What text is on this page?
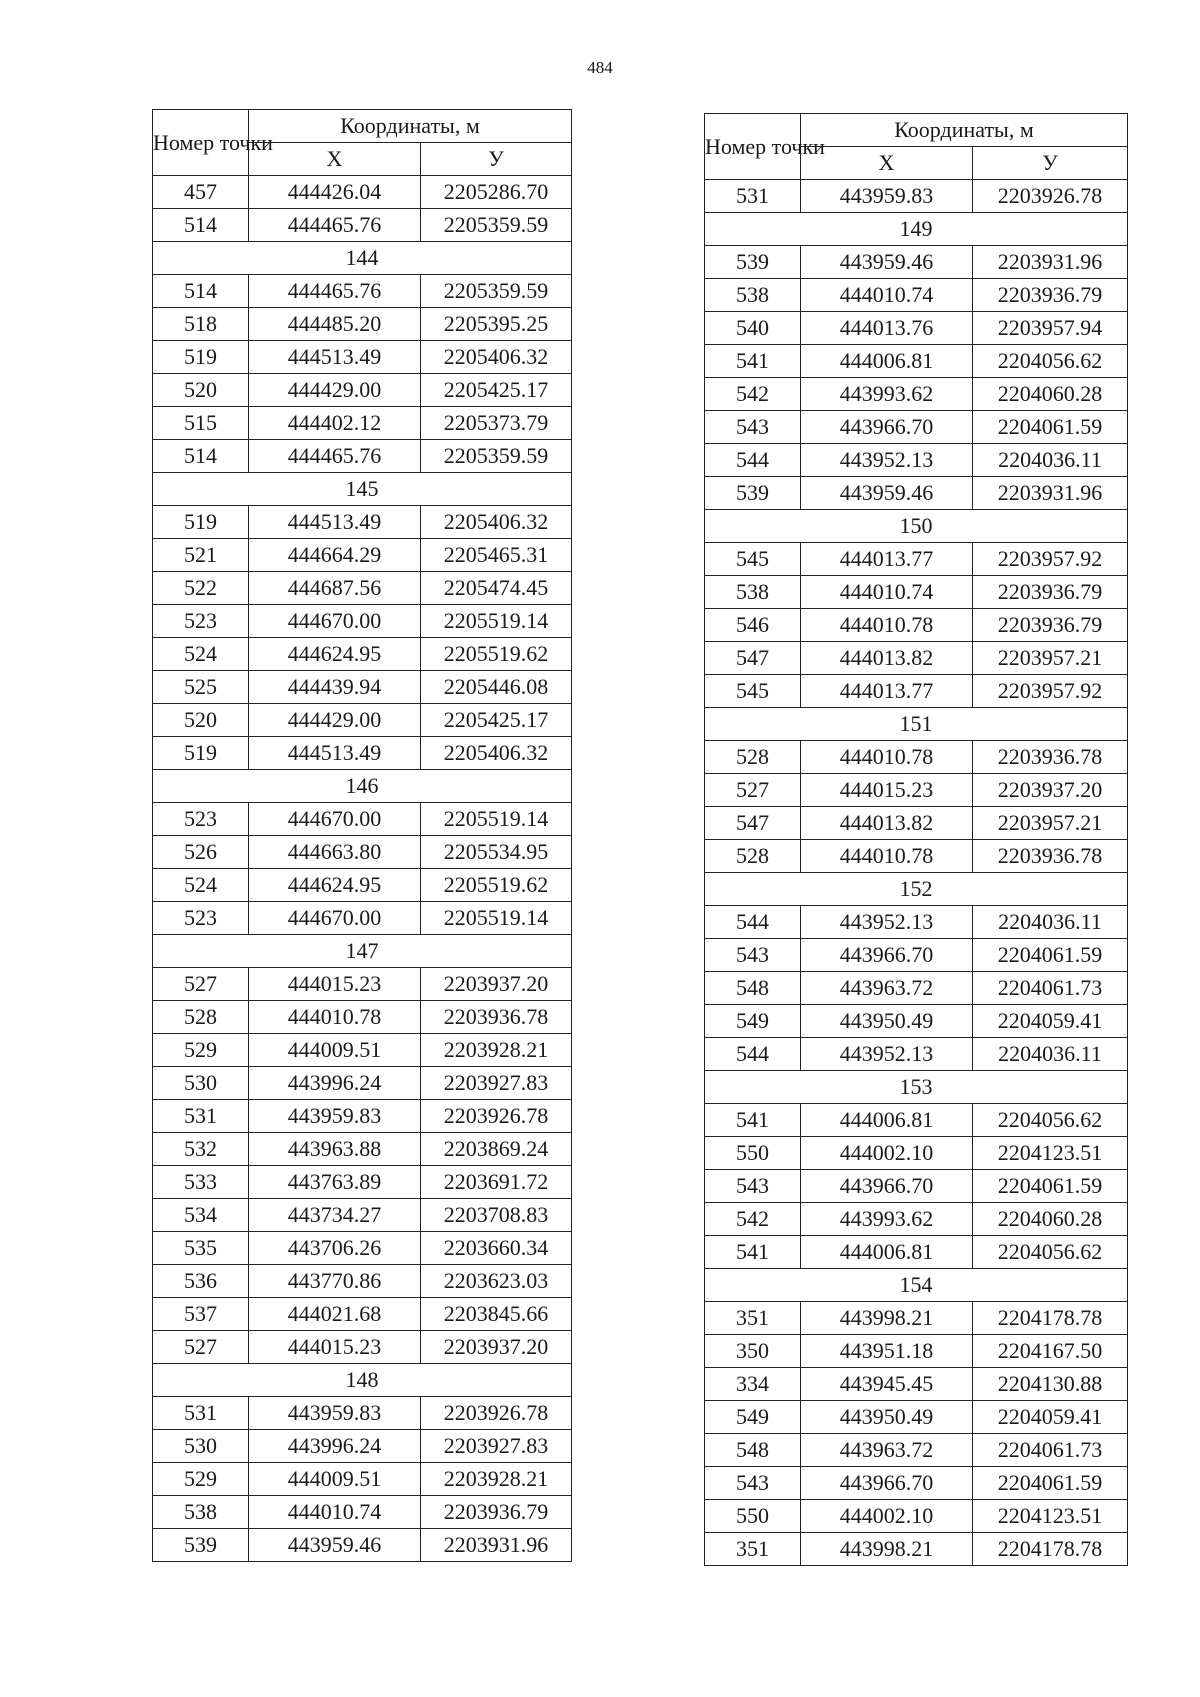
484
Номер точки	Координаты, м	
	Х	У
457	444426.04	2205286.70
514	444465.76	2205359.59
144		
514	444465.76	2205359.59
518	444485.20	2205395.25
519	444513.49	2205406.32
520	444429.00	2205425.17
515	444402.12	2205373.79
514	444465.76	2205359.59
145		
519	444513.49	2205406.32
521	444664.29	2205465.31
522	444687.56	2205474.45
523	444670.00	2205519.14
524	444624.95	2205519.62
525	444439.94	2205446.08
520	444429.00	2205425.17
519	444513.49	2205406.32
146		
523	444670.00	2205519.14
526	444663.80	2205534.95
524	444624.95	2205519.62
523	444670.00	2205519.14
147		
527	444015.23	2203937.20
528	444010.78	2203936.78
529	444009.51	2203928.21
530	443996.24	2203927.83
531	443959.83	2203926.78
532	443963.88	2203869.24
533	443763.89	2203691.72
534	443734.27	2203708.83
535	443706.26	2203660.34
536	443770.86	2203623.03
537	444021.68	2203845.66
527	444015.23	2203937.20
148		
531	443959.83	2203926.78
530	443996.24	2203927.83
529	444009.51	2203928.21
538	444010.74	2203936.79
539	443959.46	2203931.96
Номер точки	Координаты, м	
	Х	У
531	443959.83	2203926.78
149		
539	443959.46	2203931.96
538	444010.74	2203936.79
540	444013.76	2203957.94
541	444006.81	2204056.62
542	443993.62	2204060.28
543	443966.70	2204061.59
544	443952.13	2204036.11
539	443959.46	2203931.96
150		
545	444013.77	2203957.92
538	444010.74	2203936.79
546	444010.78	2203936.79
547	444013.82	2203957.21
545	444013.77	2203957.92
151		
528	444010.78	2203936.78
527	444015.23	2203937.20
547	444013.82	2203957.21
528	444010.78	2203936.78
152		
544	443952.13	2204036.11
543	443966.70	2204061.59
548	443963.72	2204061.73
549	443950.49	2204059.41
544	443952.13	2204036.11
153		
541	444006.81	2204056.62
550	444002.10	2204123.51
543	443966.70	2204061.59
542	443993.62	2204060.28
541	444006.81	2204056.62
154		
351	443998.21	2204178.78
350	443951.18	2204167.50
334	443945.45	2204130.88
549	443950.49	2204059.41
548	443963.72	2204061.73
543	443966.70	2204061.59
550	444002.10	2204123.51
351	443998.21	2204178.78
